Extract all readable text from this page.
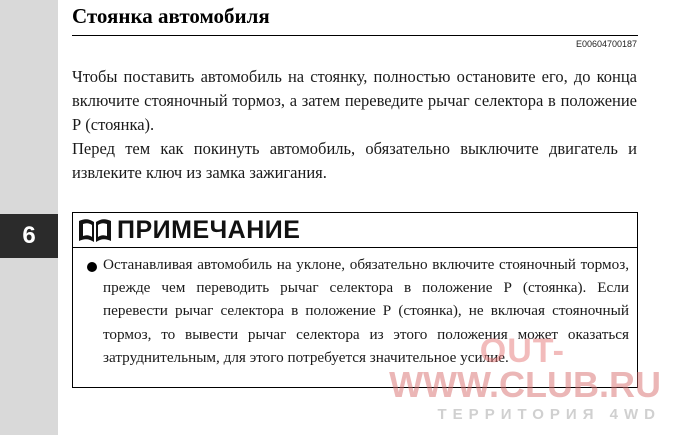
6
Стоянка автомобиля
E00604700187

Чтобы поставить автомобиль на стоянку, полностью остановите его, до конца включите стояночный тормоз, а затем переведите рычаг селектора в положение Р (стоянка).

Перед тем как покинуть автомобиль, обязательно выключите двигатель и извлеките ключ из замка зажигания.

ПРИМЕЧАНИЕ

Останавливая автомобиль на уклоне, обязательно включите стояночный тормоз, прежде чем переводить рычаг селектора в положение Р (стоянка). Если перевести рычаг селектора в положение Р (стоянка), не включая стояночный тормоз, то вывести рычаг селектора из этого положения может оказаться затруднительным, для этого потребуется значительное усилие.

OUT-
WWW.CLUB.RU
ТЕРРИТОРИЯ 4WD
